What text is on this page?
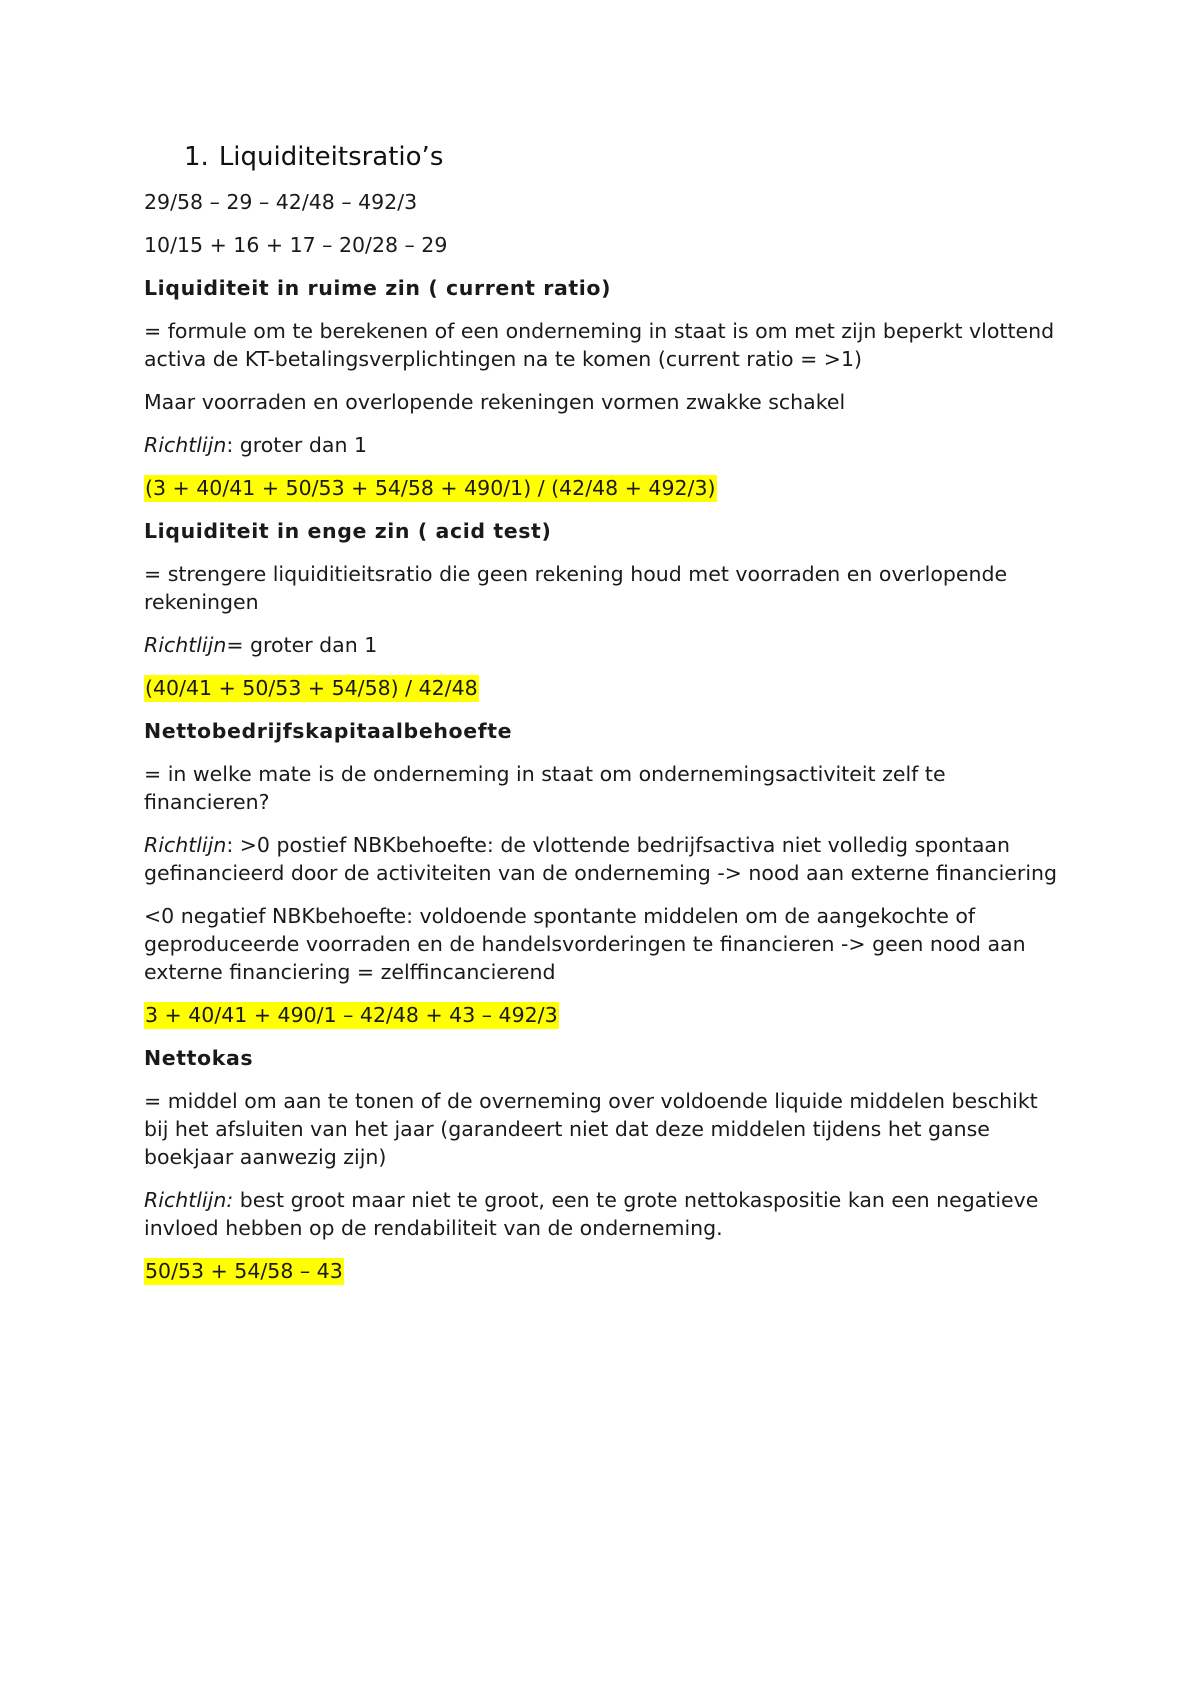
1. Liquiditeitsratio’s

29/58 – 29 – 42/48 – 492/3

10/15 + 16 + 17 – 20/28 – 29

Liquiditeit in ruime zin ( current ratio)

= formule om te berekenen of een onderneming in staat is om met zijn beperkt vlottend activa de KT-betalingsverplichtingen na te komen (current ratio = >1)

Maar voorraden en overlopende rekeningen vormen zwakke schakel

Richtlijn: groter dan 1

(3 + 40/41 + 50/53 + 54/58 + 490/1) / (42/48 + 492/3)

Liquiditeit in enge zin ( acid test)

= strengere liquiditieitsratio die geen rekening houd met voorraden en overlopende rekeningen

Richtlijn= groter dan 1

(40/41 + 50/53 + 54/58) / 42/48

Nettobedrijfskapitaalbehoefte

= in welke mate is de onderneming in staat om ondernemingsactiviteit zelf te financieren?

Richtlijn: >0 postief NBKbehoefte: de vlottende bedrijfsactiva niet volledig spontaan gefinancieerd door de activiteiten van de onderneming -> nood aan externe financiering

<0 negatief NBKbehoefte: voldoende spontante middelen om de aangekochte of geproduceerde voorraden en de handelsvorderingen te financieren -> geen nood aan externe financiering = zelffincancierend

3 + 40/41 + 490/1 – 42/48 + 43 – 492/3

Nettokas

= middel om aan te tonen of de overneming over voldoende liquide middelen beschikt bij het afsluiten van het jaar (garandeert niet dat deze middelen tijdens het ganse boekjaar aanwezig zijn)

Richtlijn: best groot maar niet te groot, een te grote nettokaspositie kan een negatieve invloed hebben op de rendabiliteit van de onderneming.

50/53 + 54/58 – 43
